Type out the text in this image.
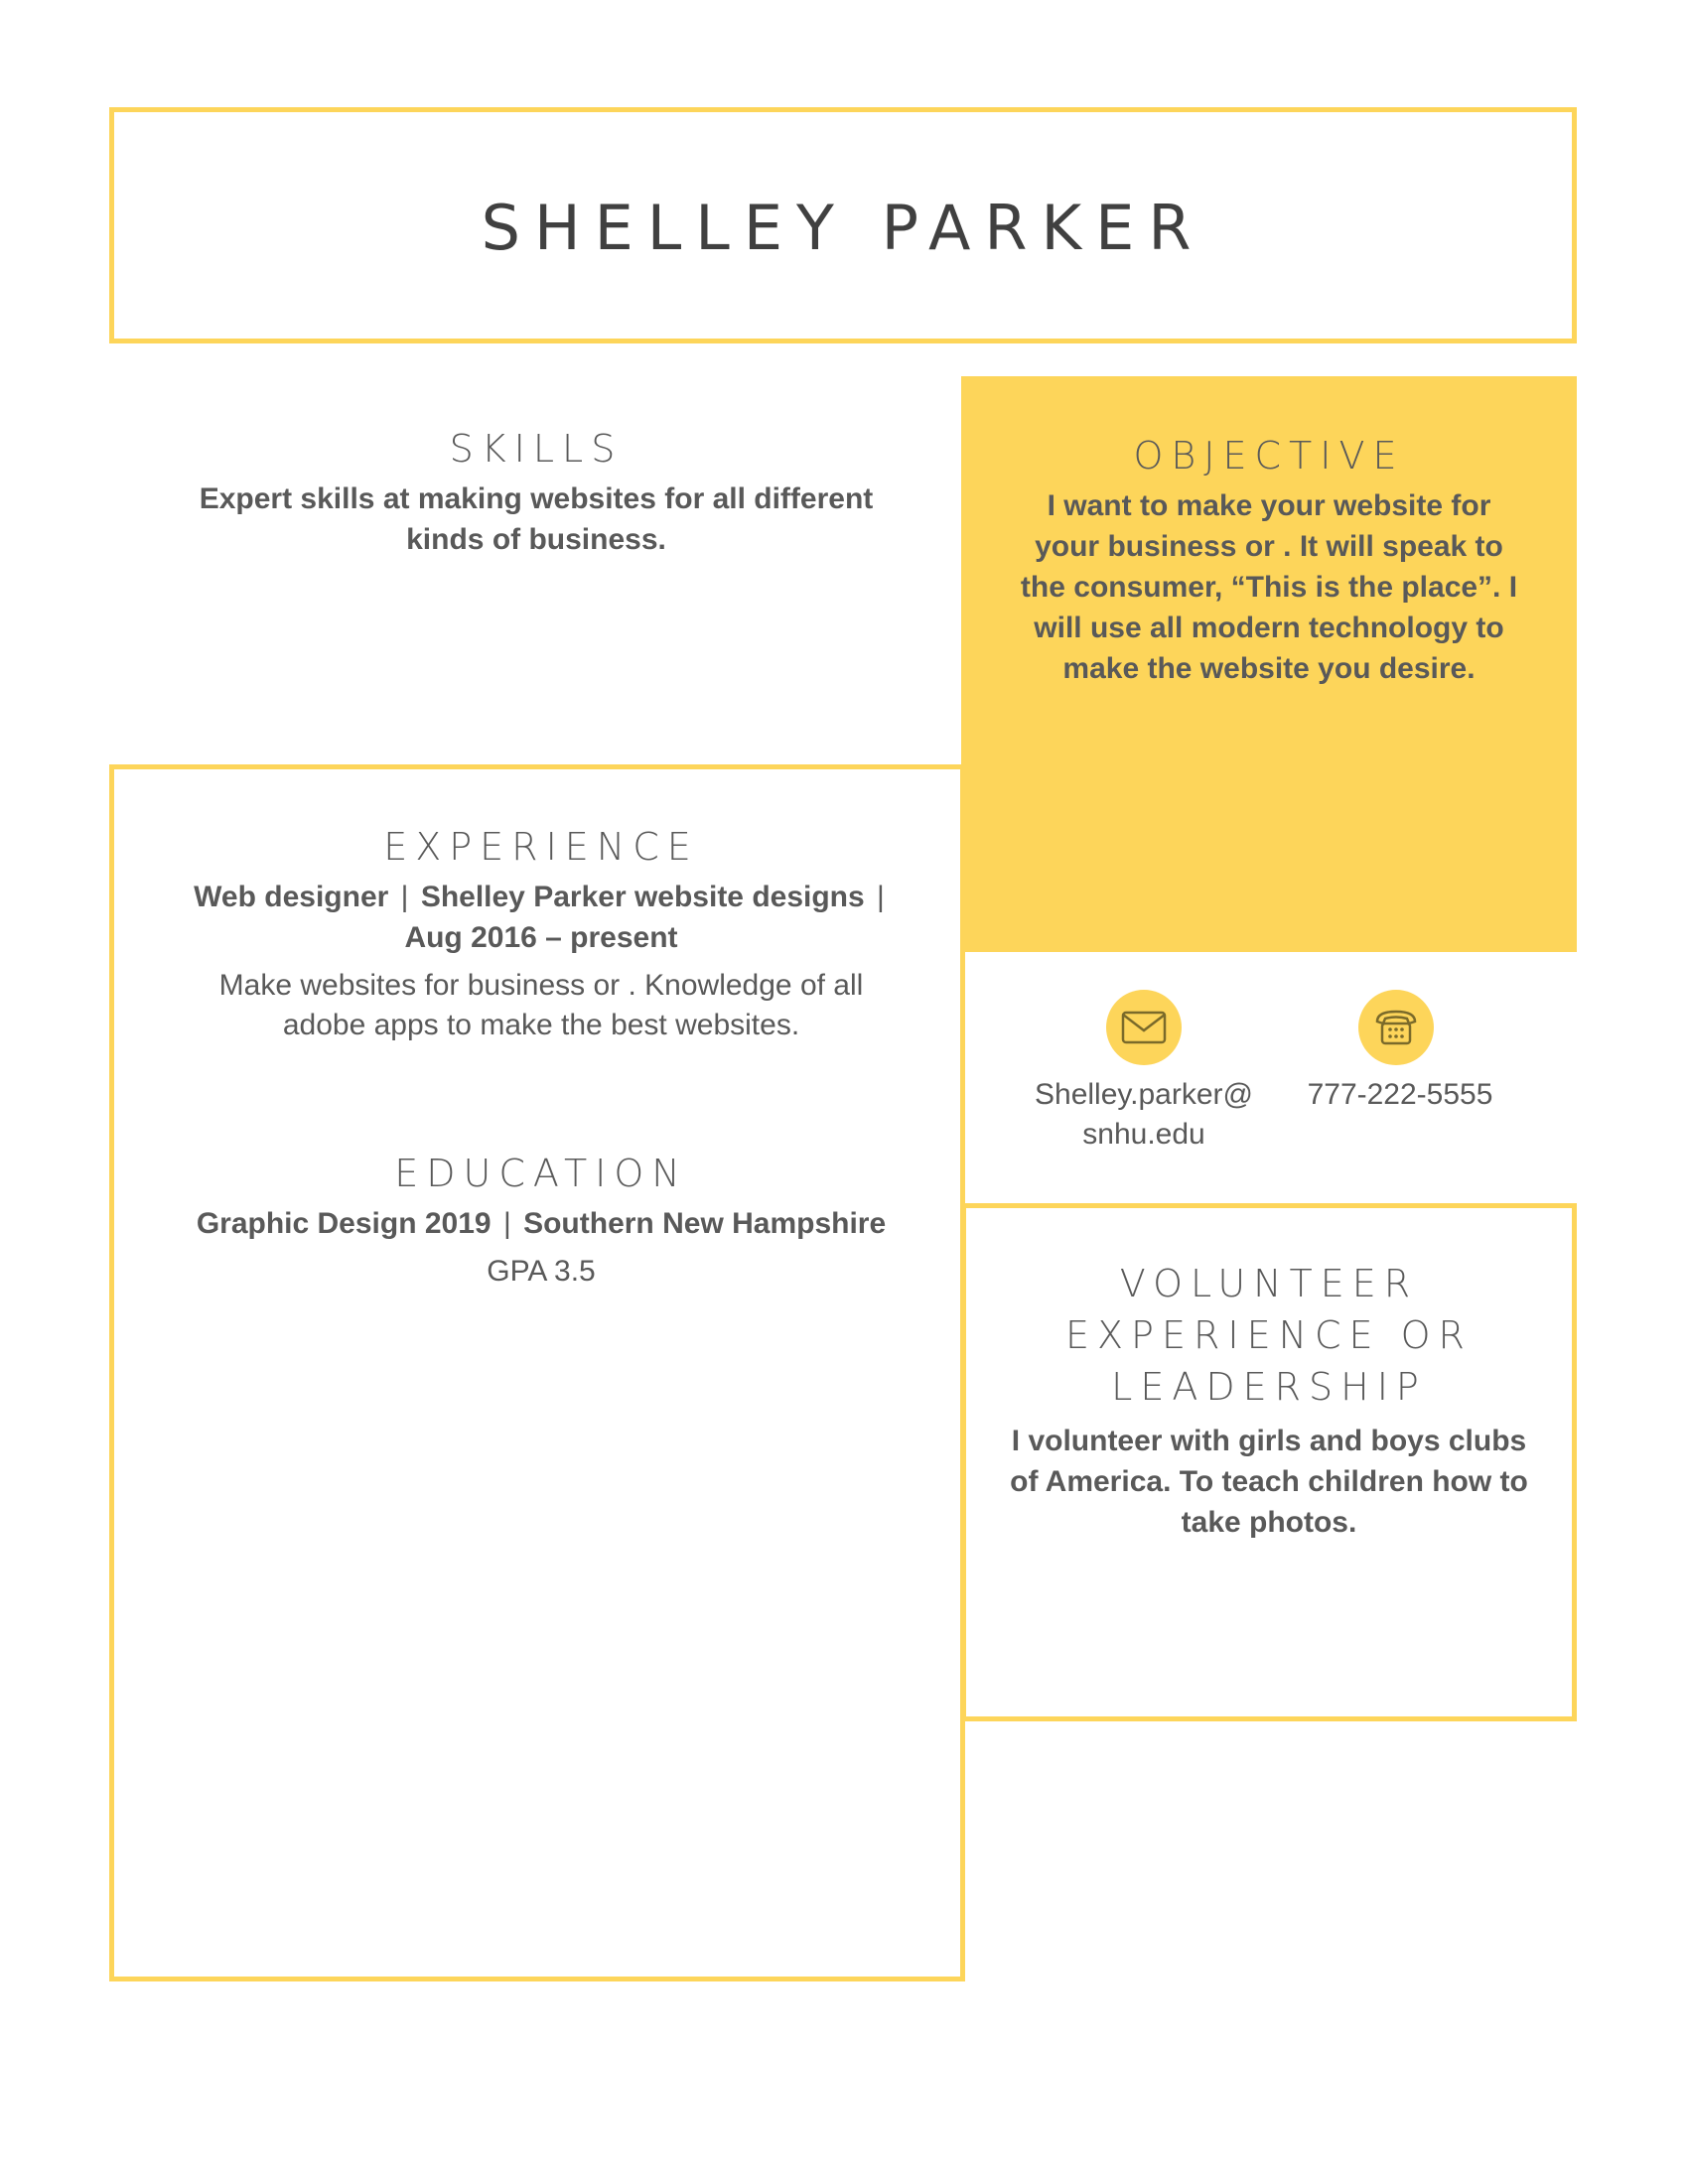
SHELLEY PARKER
SKILLS
Expert skills at making websites for all different kinds of business.
OBJECTIVE
I want to make your website for your business or . It will speak to the consumer, “This is the place”. I will use all modern technology to make the website you desire.
EXPERIENCE
Web designer | Shelley Parker website designs |
Aug 2016 – present
Make websites for business or . Knowledge of all adobe apps to make the best websites.
EDUCATION
Graphic Design 2019 | Southern New Hampshire
GPA 3.5
Shelley.parker@ snhu.edu
777-222-5555
VOLUNTEER EXPERIENCE OR LEADERSHIP
I volunteer with girls and boys clubs of America. To teach children how to take photos.
